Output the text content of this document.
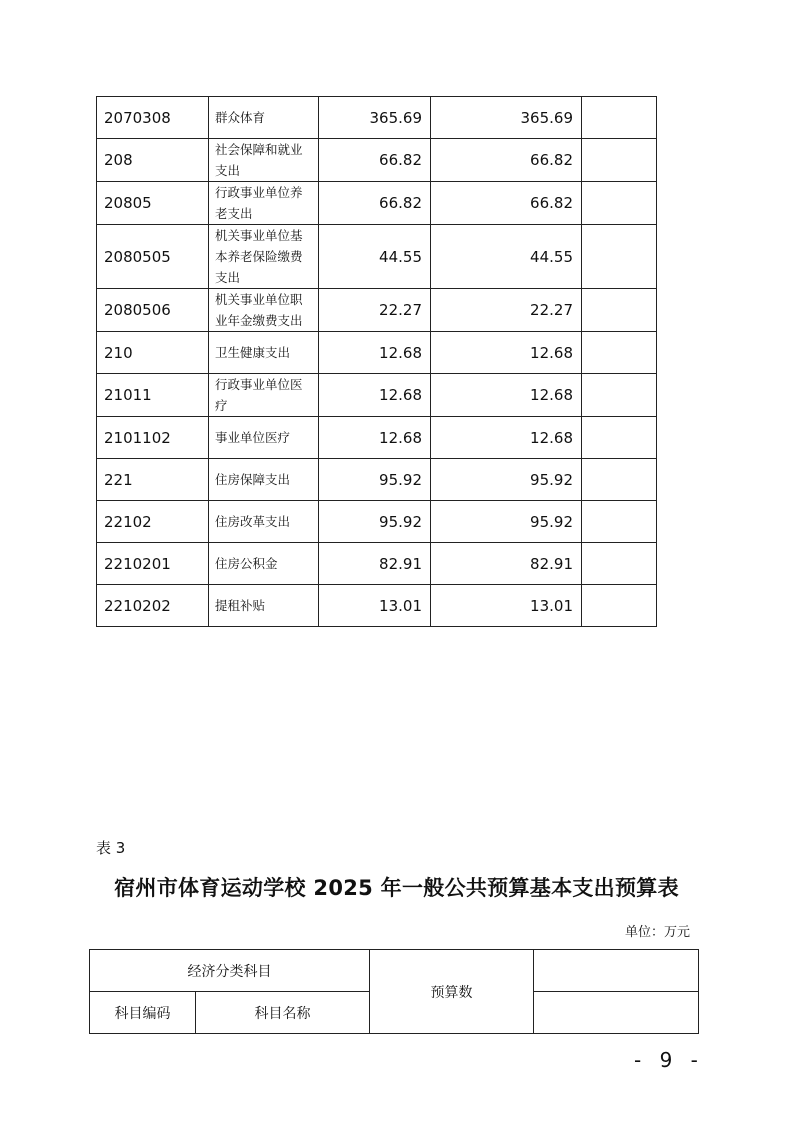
2070308	群众体育	365.69	365.69	
208	社会保障和就业支出	66.82	66.82	
20805	行政事业单位养老支出	66.82	66.82	
2080505	机关事业单位基本养老保险缴费支出	44.55	44.55	
2080506	机关事业单位职业年金缴费支出	22.27	22.27	
210	卫生健康支出	12.68	12.68	
21011	行政事业单位医疗	12.68	12.68	
2101102	事业单位医疗	12.68	12.68	
221	住房保障支出	95.92	95.92	
22102	住房改革支出	95.92	95.92	
2210201	住房公积金	82.91	82.91	
2210202	提租补贴	13.01	13.01	
表 3
宿州市体育运动学校 2025 年一般公共预算基本支出预算表
单位：万元
经济分类科目		预算数	
科目编码	科目名称		
- 9 -
